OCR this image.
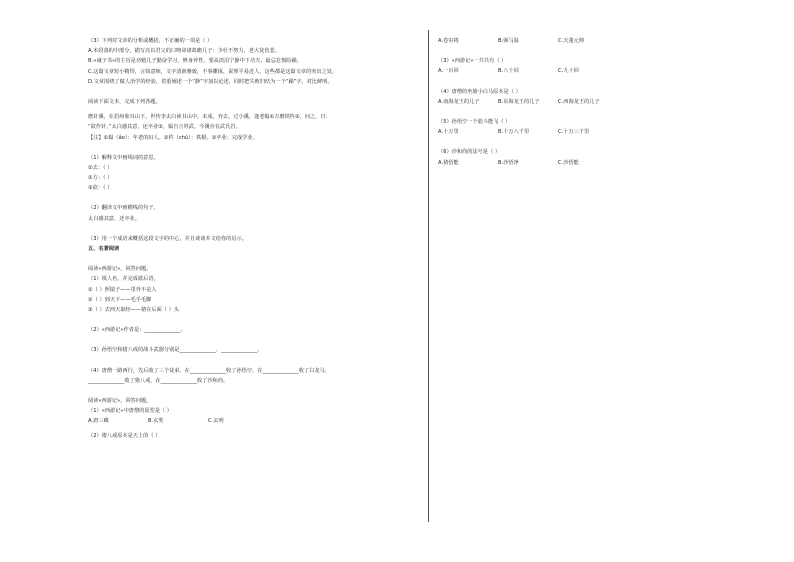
（3）下列对文章的分析或概括，不正确的一项是（ ）
A.本段落的中部分，描写亮以君父的口吻命诸葛瞻儿子：少壮不努力，老大徒伤悲。
B.«诫子书»的主旨是劝勉儿子勤奋学习，修身养性，要从淡泊宁静中下功夫，最忌怠惰险躁。
C.这篇文章短小精悍，言简意赅，文字清新雅致，不事雕琢，说理平易近人，这些都是这篇文章的突出之处。
D.文章围绕了做人治学的经验，着重阐述一个“静”字加以论述，同时把失败归结为一个“躁”字，对比鲜明。
阅读下面文本，完成下列各题。
磨针溪，在眉州象耳山下。世传李太白读书山中，未成，弃去。过小溪，逢老媪①方磨铁杵②，问之，曰：
“欲作针。”太白感其意，还卒业③。媪自言姓武。今溪旁有武氏岩。
【注】①媪（ǎo）：年老的妇人。②杵（chǔ）：铁棍。③卒业：完成学业。
（1）解释文中画线词的意思。
①去：（ ）
②方：（ ）
③欲：（ ）
（2）翻译文中画横线的句子。
太白感其意，还卒业。
（3）用一个成语来概括这段文字的中心，并且谈谈本文给你的启示。
五、名著阅读
阅读«西游记»，回答问题。
（1）填人名，并完成歇后语。
①（ ）照镜子——里外不是人
②（ ）到天下——毛手毛脚
③（ ）去西天取经——猪在后面（ ）头
（2）«西游记»作者是：______________。
（3）孙悟空和猪八戒的战斗武器分别是______________、______________。
（4）唐僧一路西行，先后收了三个徒弟。在______________收了孙悟空，在______________收了白龙马，
______________收了猪八戒，在______________收了沙和尚。
阅读«西游记»，回答问题。
（1）«西游记»中唐僧的原型是（ ）
A.唐三藏	B.玄奘	C.玄明
（2）猪八戒原本是天上的（ ）
A.卷帘将	B.弼马温	C.天蓬元帅
（3）«西游记»一共共有（ ）
A.一百回	B.八十回	C.九十回
（4）唐僧的坐骑小白马原本是（ ）
A.南海龙王的儿子	B.东海龙王的儿子	C.西海龙王的儿子
（5）孙悟空一个筋斗能飞（ ）
A.十万里	B.十万八千里	C.十万三千里
（6）沙和尚的法号是（ ）
A.猪悟能	B.沙悟净	C.沙悟能
